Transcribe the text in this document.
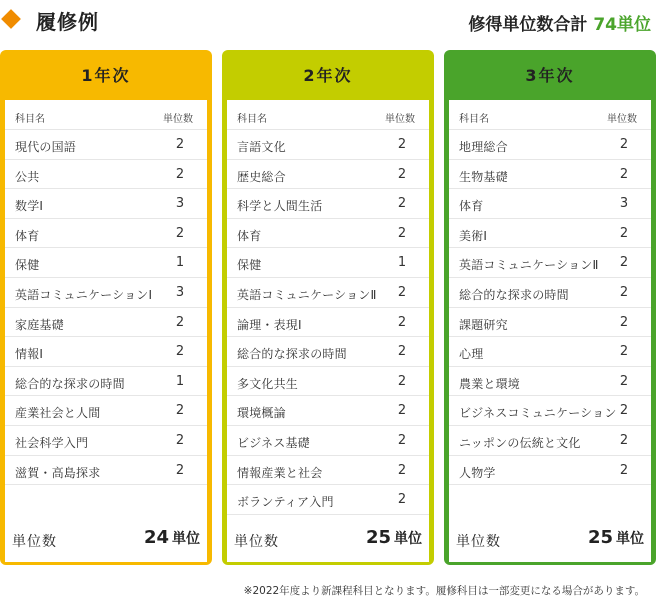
履修例	修得単位数合計 74単位
1年次
科目名	単位数
現代の国語	2
公共	2
数学Ⅰ	3
体育	2
保健	1
英語コミュニケーションⅠ 3
家庭基礎	2
情報Ⅰ	2
総合的な探求の時間	1
産業社会と人間	2
社会科学入門	2
滋賀・高島探求	2
単位数	24 単位
2年次
科目名	単位数
言語文化	2
歴史総合	2
科学と人間生活	2
体育	2
保健	1
英語コミュニケーションⅡ 2
論理・表現Ⅰ	2
総合的な探求の時間	2
多文化共生	2
環境概論	2
ビジネス基礎	2
情報産業と社会	2
ボランティア入門	2
単位数	25 単位
3年次
科目名	単位数
地理総合	2
生物基礎	2
体育	3
美術Ⅰ	2
英語コミュニケーションⅡ 2
総合的な探求の時間	2
課題研究	2
心理	2
農業と環境	2
ビジネスコミュニケーション 2
ニッポンの伝統と文化	2
人物学	2
単位数	25 単位
※2022年度より新課程科目となります。履修科目は一部変更になる場合があります。
